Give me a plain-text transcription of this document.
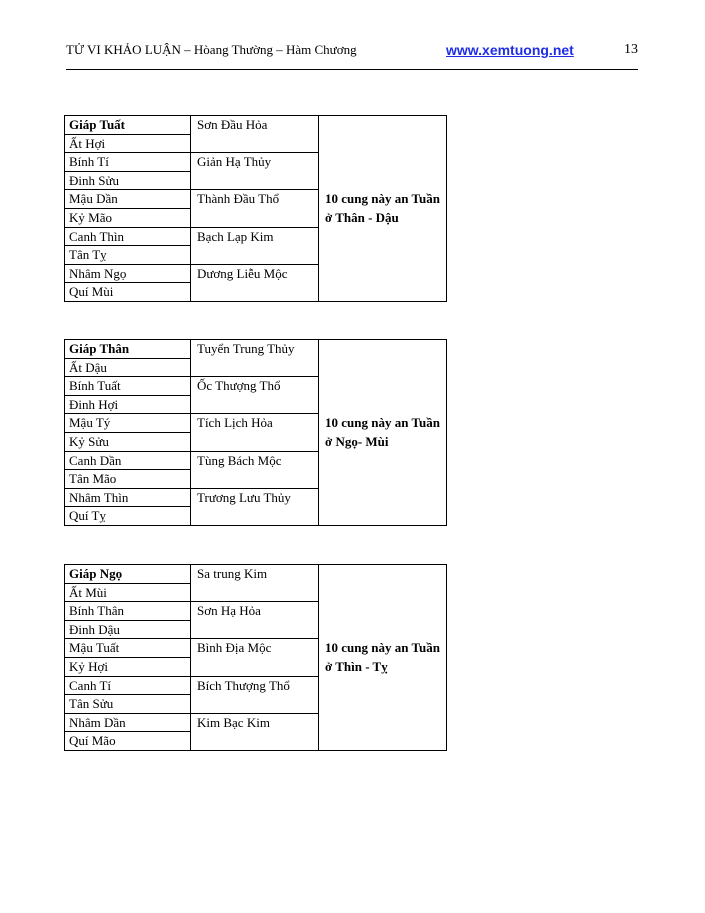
TỬ VI KHẢO LUẬN – Hòang Thường – Hàm Chương	www.xemtuong.net	13
Giáp Tuất	Sơn Đầu Hỏa	10 cung này an Tuần ở Thân - Dậu

Ất Hợi		
Bính Tí	Giản Hạ Thủy	
Đinh Sửu		
Mậu Dần	Thành Đầu Thổ	
Kỷ Mão		
Canh Thìn	Bạch Lạp Kim	
Tân Tỵ		
Nhâm Ngọ	Dương Liễu Mộc	
Quí Mùi		
Giáp Thân	Tuyển Trung Thủy	10 cung này an Tuần ở Ngọ- Mùi

Ất Dậu		
Bính Tuất	Ốc Thượng Thổ	
Đinh Hợi		
Mậu Tý	Tích Lịch Hỏa	
Kỷ Sửu		
Canh Dần	Tùng Bách Mộc	
Tân Mão		
Nhâm Thìn	Trương Lưu Thủy	
Quí Tỵ		
Giáp Ngọ	Sa trung Kim	10 cung này an Tuần ở Thìn - Tỵ

Ất Mùi		
Bính Thân	Sơn Hạ Hỏa	
Đinh Dậu		
Mậu Tuất	Bình Địa Mộc	
Kỷ Hợi		
Canh Tí	Bích Thượng Thổ	
Tân Sửu		
Nhâm Dần	Kim Bạc Kim	
Quí Mão		
